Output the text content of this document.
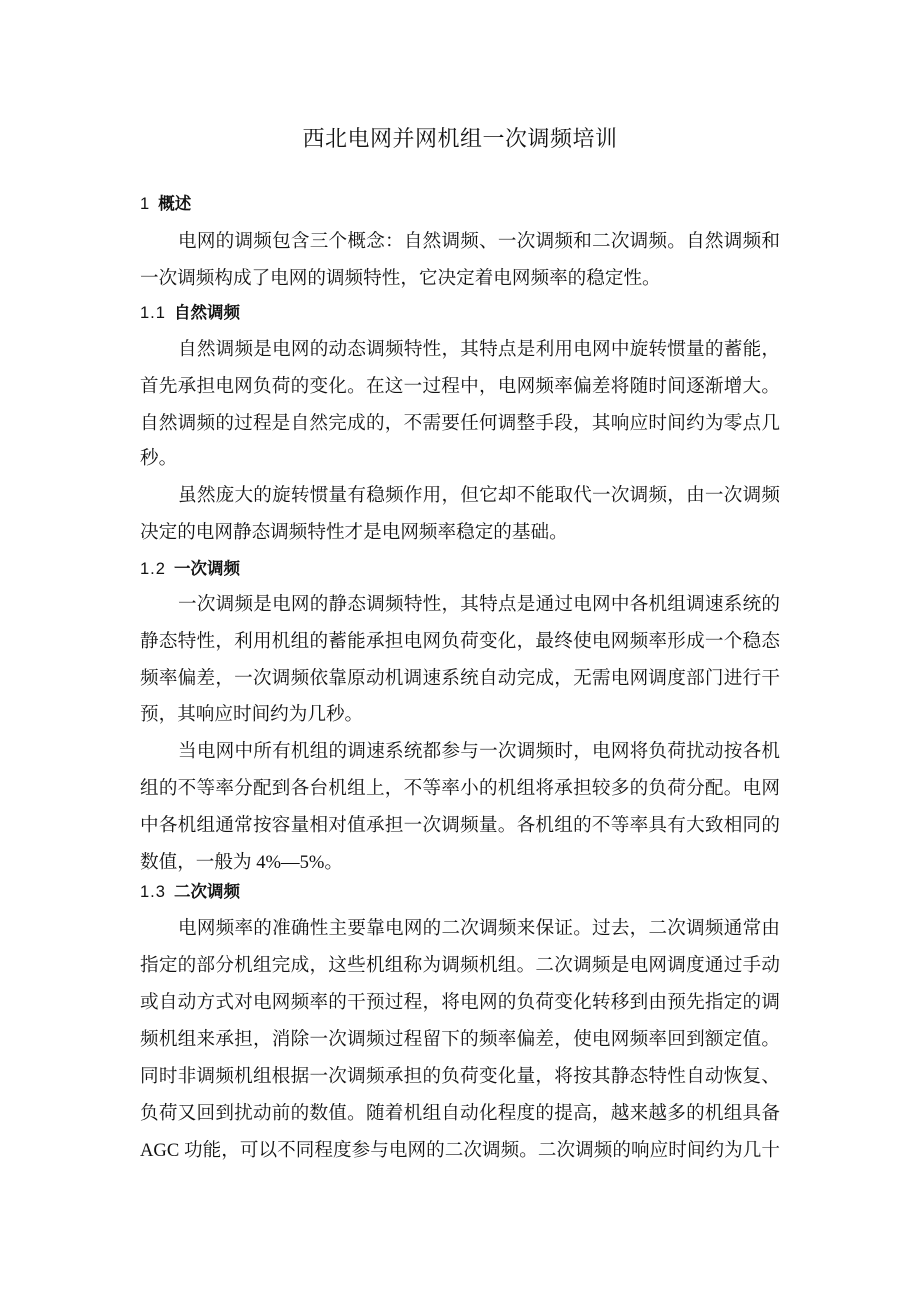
西北电网并网机组一次调频培训
1 概述
电网的调频包含三个概念：自然调频、一次调频和二次调频。自然调频和
一次调频构成了电网的调频特性，它决定着电网频率的稳定性。
1.1 自然调频
自然调频是电网的动态调频特性，其特点是利用电网中旋转惯量的蓄能，
首先承担电网负荷的变化。在这一过程中，电网频率偏差将随时间逐渐增大。
自然调频的过程是自然完成的，不需要任何调整手段，其响应时间约为零点几
秒。
虽然庞大的旋转惯量有稳频作用，但它却不能取代一次调频，由一次调频
决定的电网静态调频特性才是电网频率稳定的基础。
1.2 一次调频
一次调频是电网的静态调频特性，其特点是通过电网中各机组调速系统的
静态特性，利用机组的蓄能承担电网负荷变化，最终使电网频率形成一个稳态
频率偏差，一次调频依靠原动机调速系统自动完成，无需电网调度部门进行干
预，其响应时间约为几秒。
当电网中所有机组的调速系统都参与一次调频时，电网将负荷扰动按各机
组的不等率分配到各台机组上，不等率小的机组将承担较多的负荷分配。电网
中各机组通常按容量相对值承担一次调频量。各机组的不等率具有大致相同的
数值，一般为 4%—5%。
1.3 二次调频
电网频率的准确性主要靠电网的二次调频来保证。过去，二次调频通常由
指定的部分机组完成，这些机组称为调频机组。二次调频是电网调度通过手动
或自动方式对电网频率的干预过程，将电网的负荷变化转移到由预先指定的调
频机组来承担，消除一次调频过程留下的频率偏差，使电网频率回到额定值。
同时非调频机组根据一次调频承担的负荷变化量，将按其静态特性自动恢复、
负荷又回到扰动前的数值。随着机组自动化程度的提高，越来越多的机组具备
AGC 功能，可以不同程度参与电网的二次调频。二次调频的响应时间约为几十
